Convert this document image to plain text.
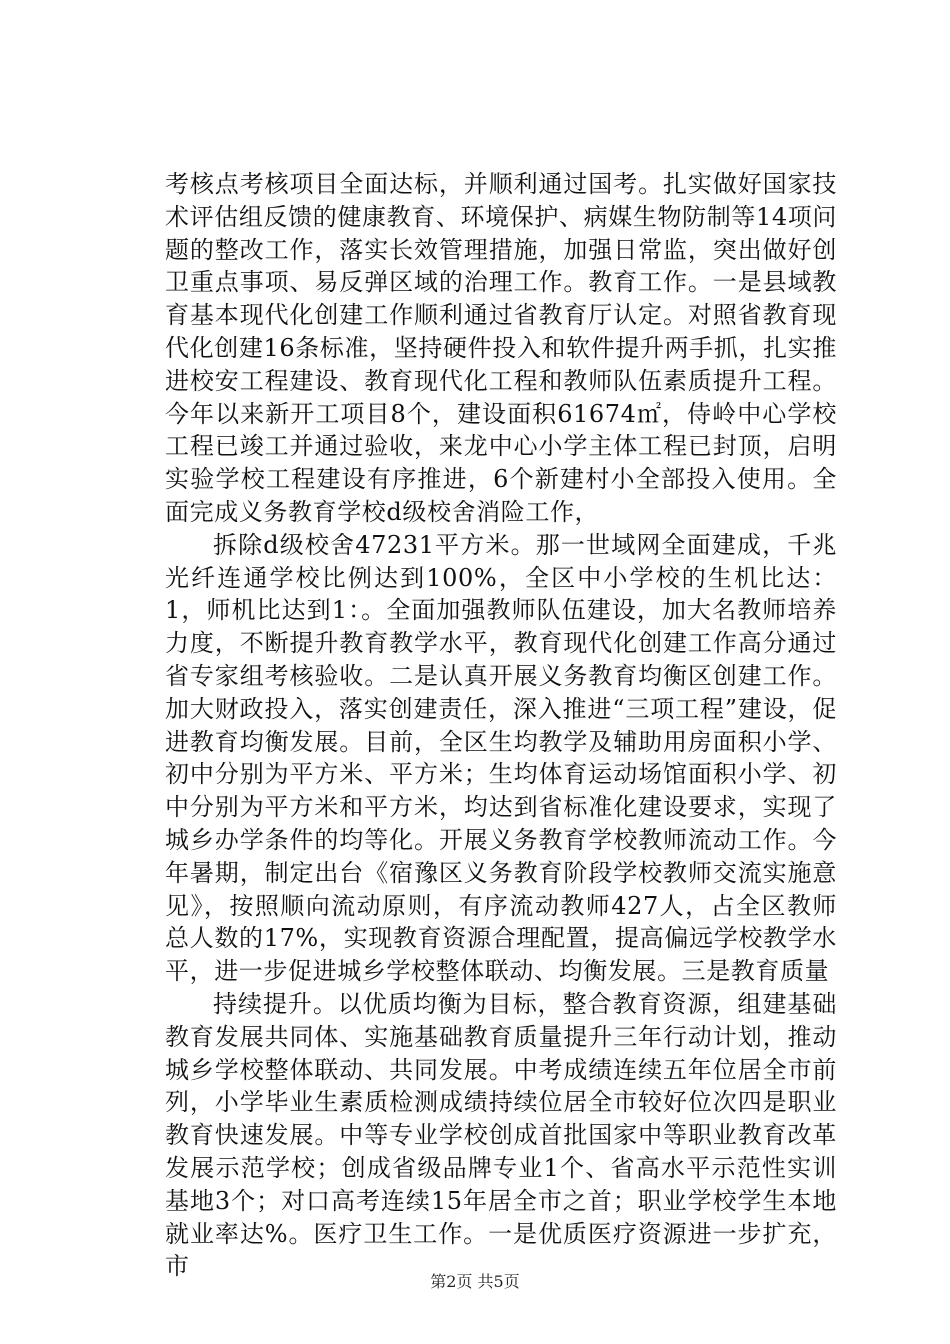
考核点考核项目全面达标，并顺利通过国考。扎实做好国家技术评估组反馈的健康教育、环境保护、病媒生物防制等14项问题的整改工作，落实长效管理措施，加强日常监，突出做好创卫重点事项、易反弹区域的治理工作。教育工作。一是县域教育基本现代化创建工作顺利通过省教育厅认定。对照省教育现代化创建16条标准，坚持硬件投入和软件提升两手抓，扎实推进校安工程建设、教育现代化工程和教师队伍素质提升工程。今年以来新开工项目8个，建设面积61674㎡，侍岭中心学校工程已竣工并通过验收，来龙中心小学主体工程已封顶，启明实验学校工程建设有序推进，6个新建村小全部投入使用。全面完成义务教育学校d级校舍消险工作，

拆除d级校舍47231平方米。那一世域网全面建成，千兆光纤连通学校比例达到100%，全区中小学校的生机比达：1，师机比达到1：。全面加强教师队伍建设，加大名教师培养力度，不断提升教育教学水平，教育现代化创建工作高分通过省专家组考核验收。二是认真开展义务教育均衡区创建工作。加大财政投入，落实创建责任，深入推进“三项工程”建设，促进教育均衡发展。目前，全区生均教学及辅助用房面积小学、初中分别为平方米、平方米；生均体育运动场馆面积小学、初中分别为平方米和平方米，均达到省标准化建设要求，实现了城乡办学条件的均等化。开展义务教育学校教师流动工作。今年暑期，制定出台《宿豫区义务教育阶段学校教师交流实施意见》，按照顺向流动原则，有序流动教师427人，占全区教师总人数的17%，实现教育资源合理配置，提高偏远学校教学水平，进一步促进城乡学校整体联动、均衡发展。三是教育质量

持续提升。以优质均衡为目标，整合教育资源，组建基础教育发展共同体、实施基础教育质量提升三年行动计划，推动城乡学校整体联动、共同发展。中考成绩连续五年位居全市前列，小学毕业生素质检测成绩持续位居全市较好位次四是职业教育快速发展。中等专业学校创成首批国家中等职业教育改革发展示范学校；创成省级品牌专业1个、省高水平示范性实训基地3个；对口高考连续15年居全市之首；职业学校学生本地就业率达%。医疗卫生工作。一是优质医疗资源进一步扩充，市

第2页 共5页
